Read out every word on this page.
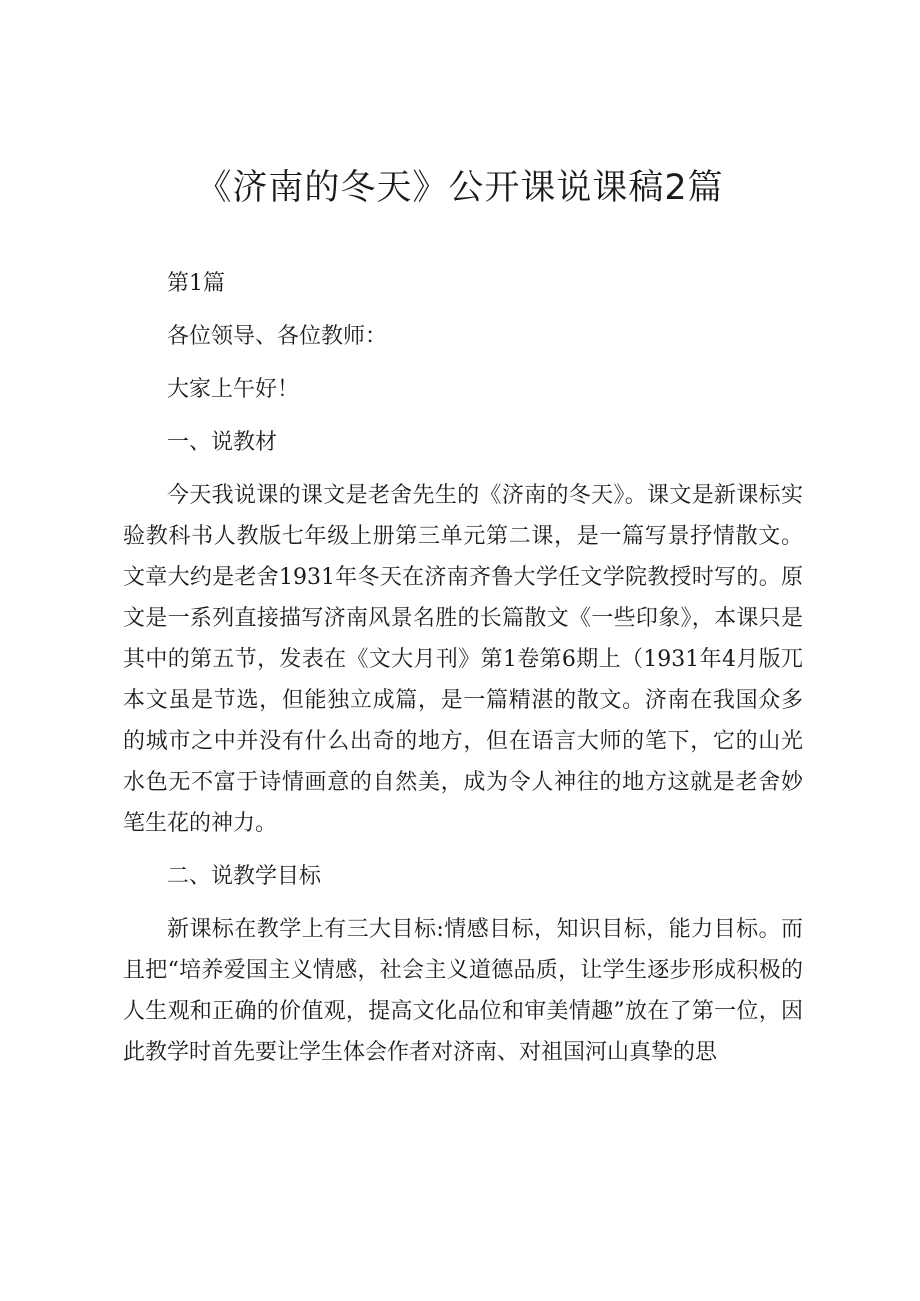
《济南的冬天》公开课说课稿2篇

第1篇

各位领导、各位教师：

大家上午好！

一、说教材

今天我说课的课文是老舍先生的《济南的冬天》。课文是新课标实验教科书人教版七年级上册第三单元第二课，是一篇写景抒情散文。文章大约是老舍1931年冬天在济南齐鲁大学任文学院教授时写的。原文是一系列直接描写济南风景名胜的长篇散文《一些印象》，本课只是其中的第五节，发表在《文大月刊》第1卷第6期上（1931年4月版兀本文虽是节选，但能独立成篇，是一篇精湛的散文。济南在我国众多的城市之中并没有什么出奇的地方，但在语言大师的笔下，它的山光水色无不富于诗情画意的自然美，成为令人神往的地方这就是老舍妙笔生花的神力。

二、说教学目标

新课标在教学上有三大目标:情感目标，知识目标，能力目标。而且把“培养爱国主义情感，社会主义道德品质，让学生逐步形成积极的人生观和正确的价值观，提高文化品位和审美情趣”放在了第一位，因此教学时首先要让学生体会作者对济南、对祖国河山真挚的思
